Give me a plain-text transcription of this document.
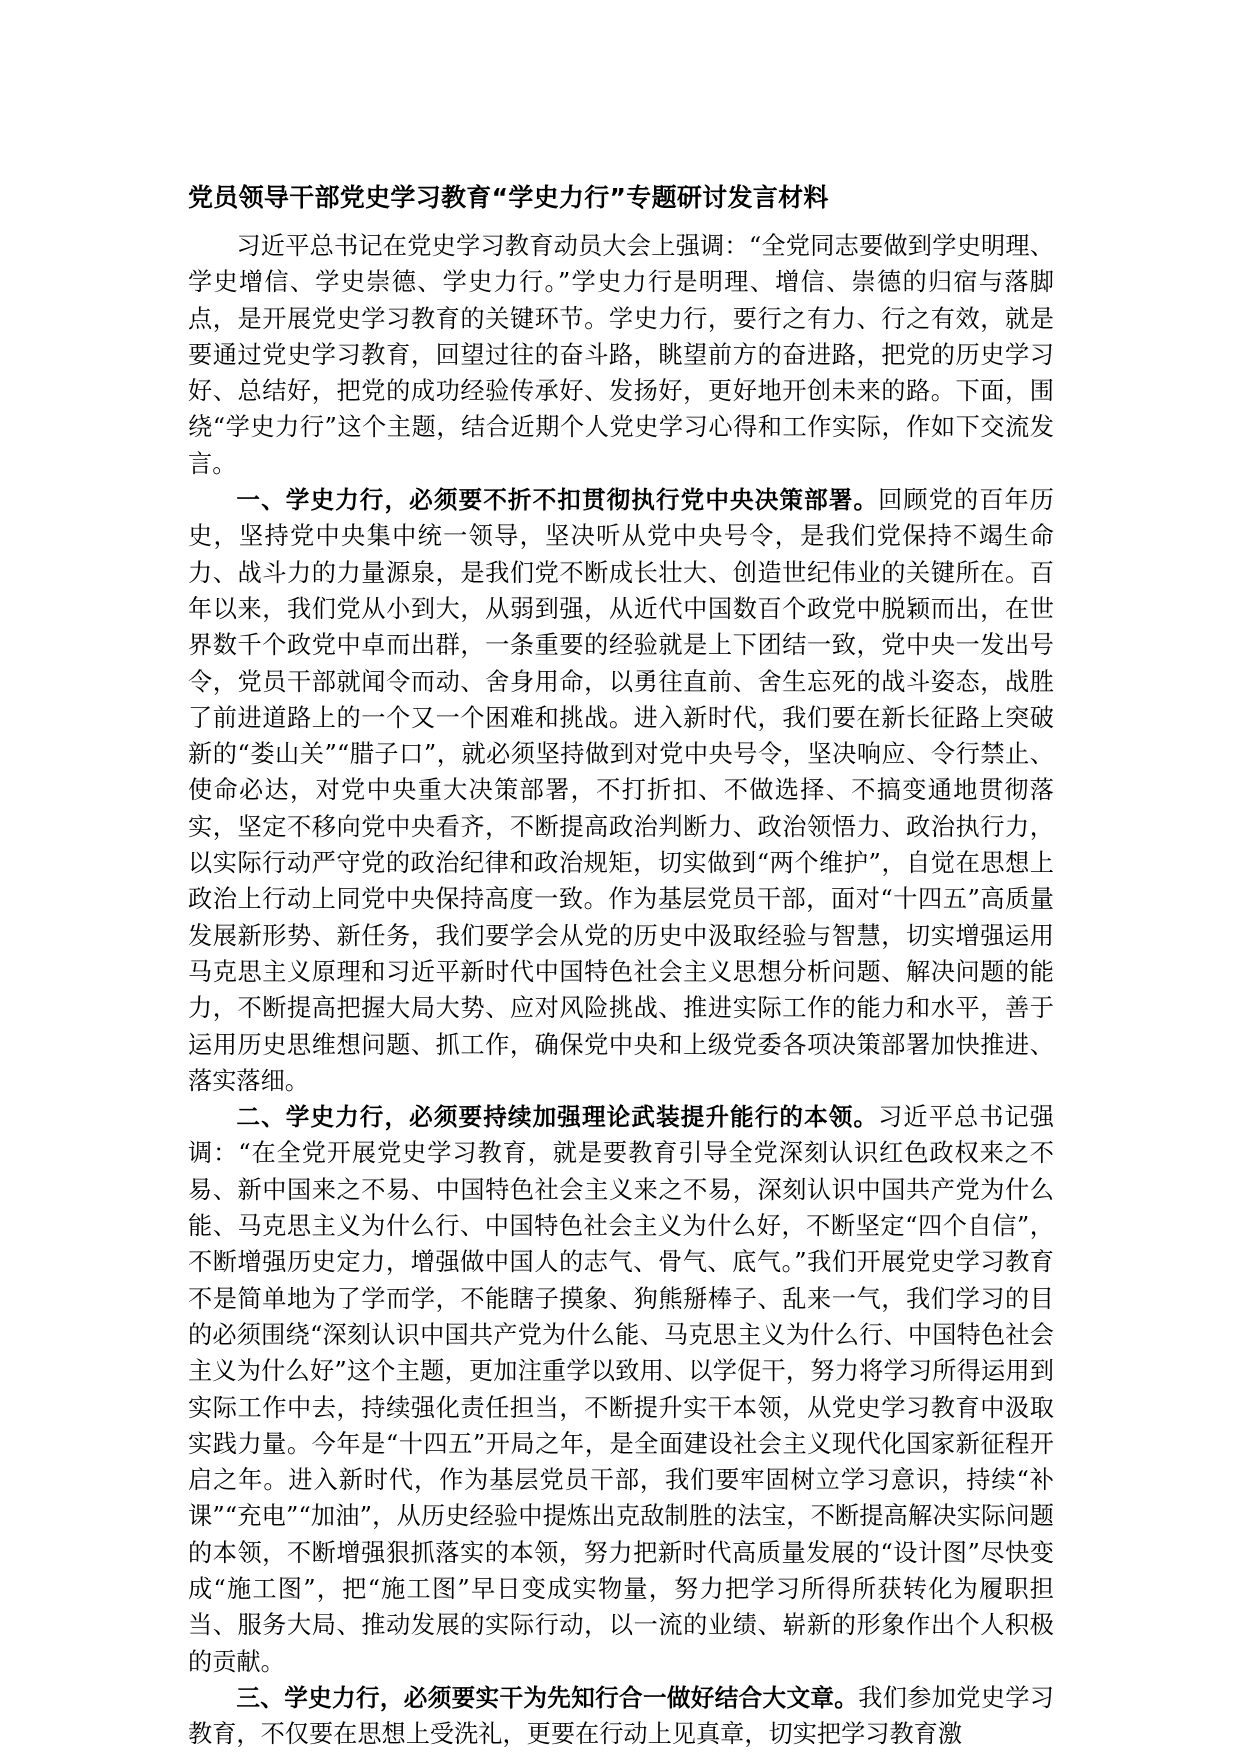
党员领导干部党史学习教育“学史力行”专题研讨发言材料

习近平总书记在党史学习教育动员大会上强调：“全党同志要做到学史明理、学史增信、学史崇德、学史力行。”学史力行是明理、增信、崇德的归宿与落脚点，是开展党史学习教育的关键环节。学史力行，要行之有力、行之有效，就是要通过党史学习教育，回望过往的奋斗路，眺望前方的奋进路，把党的历史学习好、总结好，把党的成功经验传承好、发扬好，更好地开创未来的路。下面，围绕“学史力行”这个主题，结合近期个人党史学习心得和工作实际，作如下交流发言。

一、学史力行，必须要不折不扣贯彻执行党中央决策部署。回顾党的百年历史，坚持党中央集中统一领导，坚决听从党中央号令，是我们党保持不竭生命力、战斗力的力量源泉，是我们党不断成长壮大、创造世纪伟业的关键所在。百年以来，我们党从小到大，从弱到强，从近代中国数百个政党中脱颖而出，在世界数千个政党中卓而出群，一条重要的经验就是上下团结一致，党中央一发出号令，党员干部就闻令而动、舍身用命，以勇往直前、舍生忘死的战斗姿态，战胜了前进道路上的一个又一个困难和挑战。进入新时代，我们要在新长征路上突破新的“娄山关”“腊子口”，就必须坚持做到对党中央号令，坚决响应、令行禁止、使命必达，对党中央重大决策部署，不打折扣、不做选择、不搞变通地贯彻落实，坚定不移向党中央看齐，不断提高政治判断力、政治领悟力、政治执行力，以实际行动严守党的政治纪律和政治规矩，切实做到“两个维护”，自觉在思想上政治上行动上同党中央保持高度一致。作为基层党员干部，面对“十四五”高质量发展新形势、新任务，我们要学会从党的历史中汲取经验与智慧，切实增强运用马克思主义原理和习近平新时代中国特色社会主义思想分析问题、解决问题的能力，不断提高把握大局大势、应对风险挑战、推进实际工作的能力和水平，善于运用历史思维想问题、抓工作，确保党中央和上级党委各项决策部署加快推进、落实落细。

二、学史力行，必须要持续加强理论武装提升能行的本领。习近平总书记强调：“在全党开展党史学习教育，就是要教育引导全党深刻认识红色政权来之不易、新中国来之不易、中国特色社会主义来之不易，深刻认识中国共产党为什么能、马克思主义为什么行、中国特色社会主义为什么好，不断坚定“四个自信”，不断增强历史定力，增强做中国人的志气、骨气、底气。”我们开展党史学习教育不是简单地为了学而学，不能瞎子摸象、狗熊掰棒子、乱来一气，我们学习的目的必须围绕“深刻认识中国共产党为什么能、马克思主义为什么行、中国特色社会主义为什么好”这个主题，更加注重学以致用、以学促干，努力将学习所得运用到实际工作中去，持续强化责任担当，不断提升实干本领，从党史学习教育中汲取实践力量。今年是“十四五”开局之年，是全面建设社会主义现代化国家新征程开启之年。进入新时代，作为基层党员干部，我们要牢固树立学习意识，持续“补课”“充电”“加油”，从历史经验中提炼出克敌制胜的法宝，不断提高解决实际问题的本领，不断增强狠抓落实的本领，努力把新时代高质量发展的“设计图”尽快变成“施工图”，把“施工图”早日变成实物量，努力把学习所得所获转化为履职担当、服务大局、推动发展的实际行动，以一流的业绩、崭新的形象作出个人积极的贡献。

三、学史力行，必须要实干为先知行合一做好结合大文章。我们参加党史学习教育，不仅要在思想上受洗礼，更要在行动上见真章，切实把学习教育激
